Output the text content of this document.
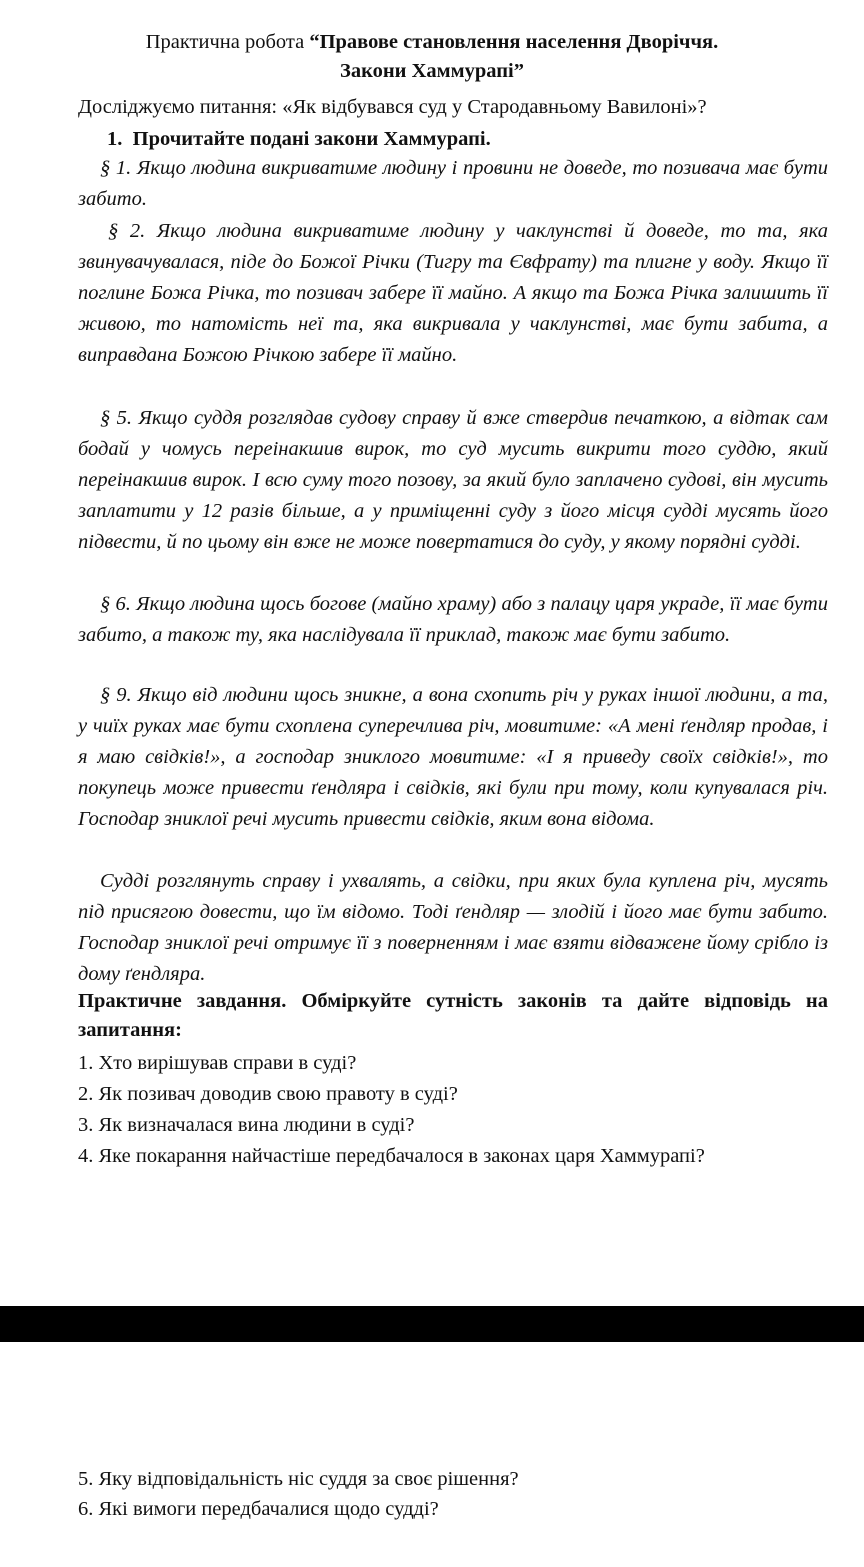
Практична робота “Правове становлення населення Дворіччя.
Закони Хаммурапі”
Досліджуємо питання: «Як відбувався суд у Стародавньому Вавилоні»?
1. Прочитайте подані закони Хаммурапі.
§ 1. Якщо людина викриватиме людину і провини не доведе, то позивача має бути забито.
§ 2. Якщо людина викриватиме людину у чаклунстві й доведе, то та, яка звинувачувалася, піде до Божої Річки (Тигру та Євфрату) та плигне у воду. Якщо її поглине Божа Річка, то позивач забере її майно. А якщо та Божа Річка залишить її живою, то натомість неї та, яка викривала у чаклунстві, має бути забита, а виправдана Божою Річкою забере її майно.
§ 5. Якщо суддя розглядав судову справу й вже ствердив печаткою, а відтак сам бодай у чомусь переінакшив вирок, то суд мусить викрити того суддю, який переінакшив вирок. І всю суму того позову, за який було заплачено судові, він мусить заплатити у 12 разів більше, а у приміщенні суду з його місця судді мусять його підвести, й по цьому він вже не може повертатися до суду, у якому порядні судді.
§ 6. Якщо людина щось богове (майно храму) або з палацу царя украде, її має бути забито, а також ту, яка наслідувала її приклад, також має бути забито.
§ 9. Якщо від людини щось зникне, а вона схопить річ у руках іншої людини, а та, у чиїх руках має бути схоплена суперечлива річ, мовитиме: «А мені ґендляр продав, і я маю свідків!», а господар зниклого мовитиме: «І я приведу своїх свідків!», то покупець може привести ґендляра і свідків, які були при тому, коли купувалася річ. Господар зниклої речі мусить привести свідків, яким вона відома.
Судді розглянуть справу і ухвалять, а свідки, при яких була куплена річ, мусять під присягою довести, що їм відомо. Тоді ґендляр — злодій і його має бути забито. Господар зниклої речі отримує її з поверненням і має взяти відважене йому срібло із дому ґендляра.
Практичне завдання. Обміркуйте сутність законів та дайте відповідь на запитання:
1. Хто вирішував справи в суді?
2. Як позивач доводив свою правоту в суді?
3. Як визначалася вина людини в суді?
4. Яке покарання найчастіше передбачалося в законах царя Хаммурапі?
5. Яку відповідальність ніс суддя за своє рішення?
6. Які вимоги передбачалися щодо судді?
